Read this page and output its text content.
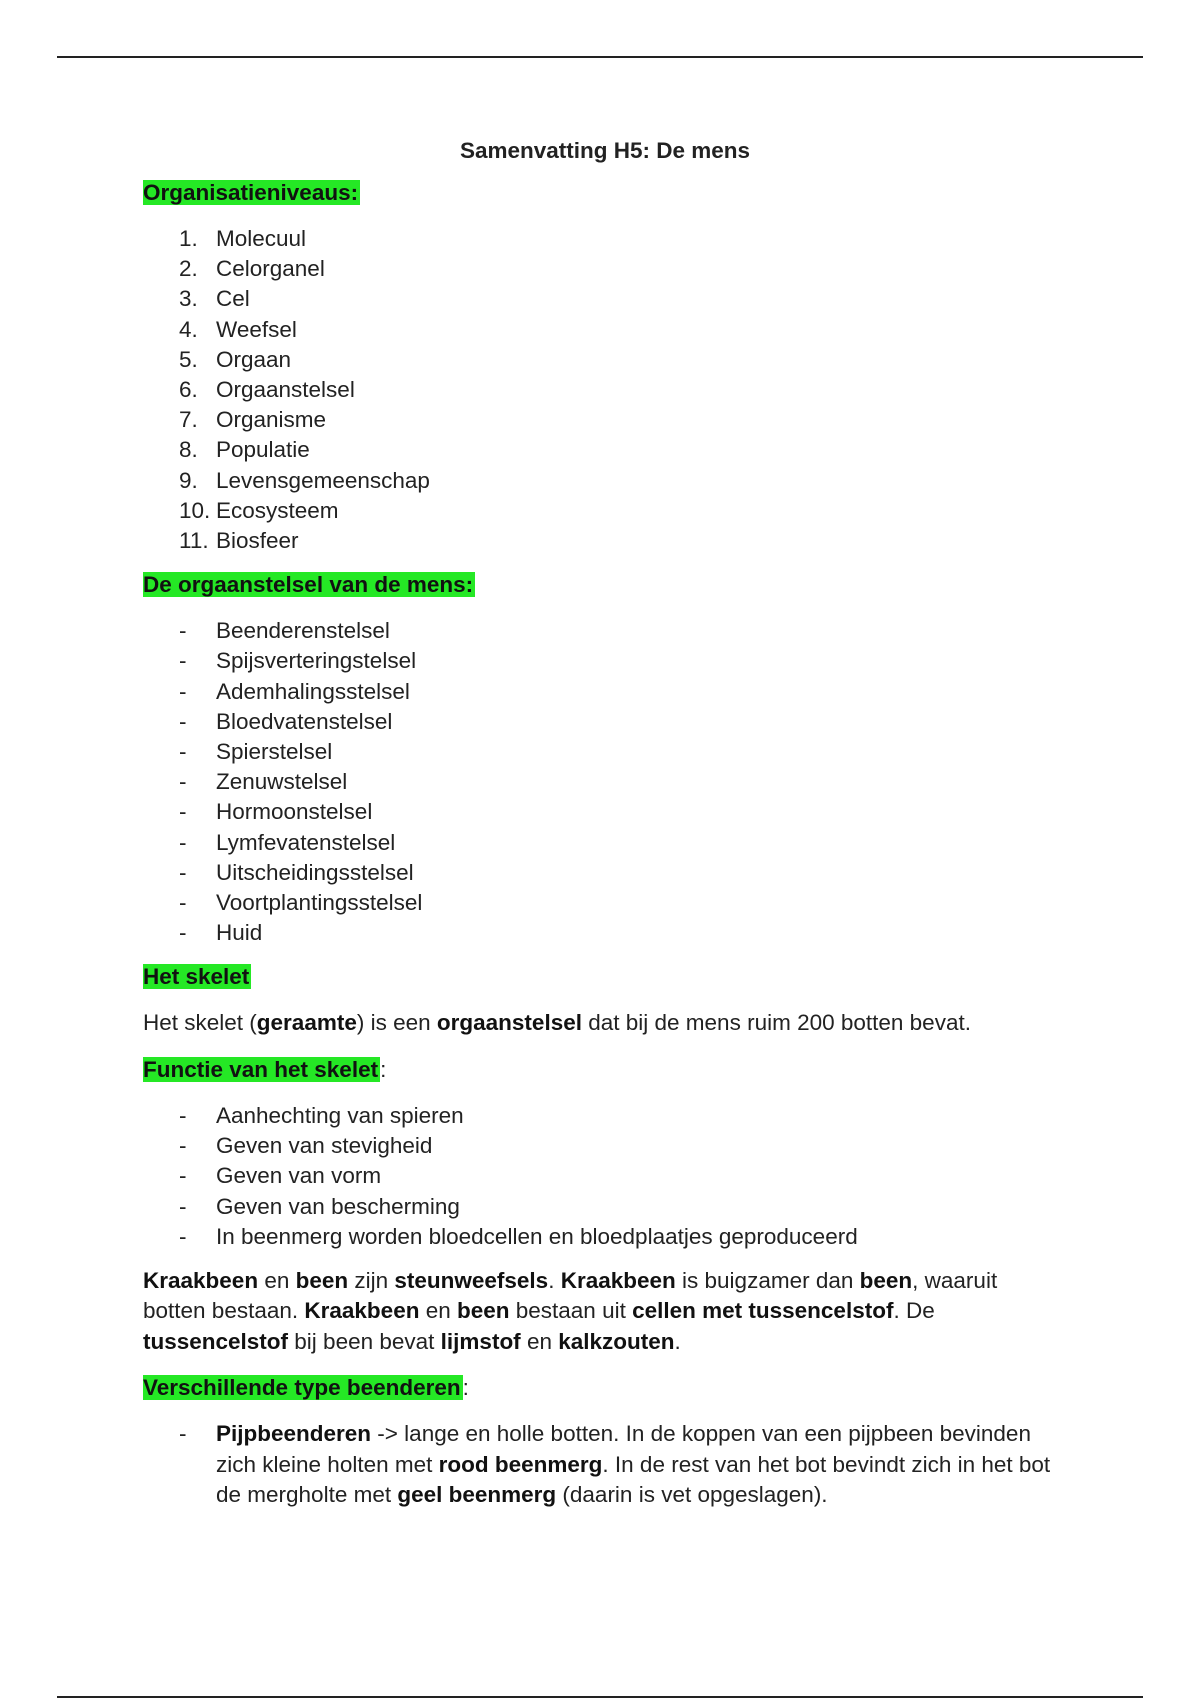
Samenvatting H5: De mens
Organisatieniveaus:
1. Molecuul
2. Celorganel
3. Cel
4. Weefsel
5. Orgaan
6. Orgaanstelsel
7. Organisme
8. Populatie
9. Levensgemeenschap
10. Ecosysteem
11. Biosfeer
De orgaanstelsel van de mens:
- Beenderenstelsel
- Spijsverteringstelsel
- Ademhalingsstelsel
- Bloedvatenstelsel
- Spierstelsel
- Zenuwstelsel
- Hormoonstelsel
- Lymfevatenstelsel
- Uitscheidingsstelsel
- Voortplantingsstelsel
- Huid
Het skelet

Het skelet (geraamte) is een orgaanstelsel dat bij de mens ruim 200 botten bevat.

Functie van het skelet:
- Aanhechting van spieren
- Geven van stevigheid
- Geven van vorm
- Geven van bescherming
- In beenmerg worden bloedcellen en bloedplaatjes geproduceerd

Kraakbeen en been zijn steunweefsels. Kraakbeen is buigzamer dan been, waaruit botten bestaan. Kraakbeen en been bestaan uit cellen met tussencelstof. De tussencelstof bij been bevat lijmstof en kalkzouten.

Verschillende type beenderen:
- Pijpbeenderen -> lange en holle botten. In de koppen van een pijpbeen bevinden zich kleine holten met rood beenmerg. In de rest van het bot bevindt zich in het bot de mergholte met geel beenmerg (daarin is vet opgeslagen).
